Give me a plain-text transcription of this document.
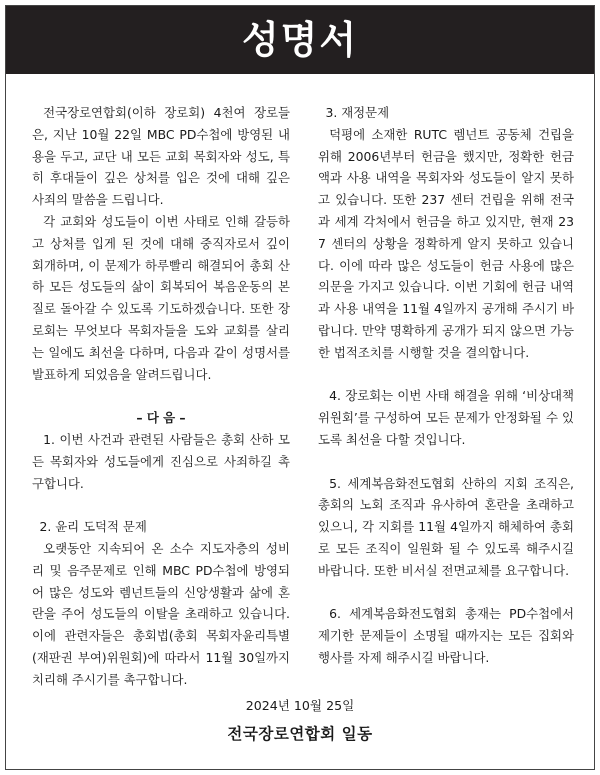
성명서

전국장로연합회(이하 장로회) 4천여 장로들은, 지난 10월 22일 MBC PD수첩에 방영된 내용을 두고, 교단 내 모든 교회 목회자와 성도, 특히 후대들이 깊은 상처를 입은 것에 대해 깊은 사죄의 말씀을 드립니다.

각 교회와 성도들이 이번 사태로 인해 갈등하고 상처를 입게 된 것에 대해 중직자로서 깊이 회개하며, 이 문제가 하루빨리 해결되어 총회 산하 모든 성도들의 삶이 회복되어 복음운동의 본질로 돌아갈 수 있도록 기도하겠습니다. 또한 장로회는 무엇보다 목회자들을 도와 교회를 살리는 일에도 최선을 다하며, 다음과 같이 성명서를 발표하게 되었음을 알려드립니다.

– 다 음 –

1. 이번 사건과 관련된 사람들은 총회 산하 모든 목회자와 성도들에게 진심으로 사죄하길 촉구합니다.

2. 윤리 도덕적 문제

오랫동안 지속되어 온 소수 지도자층의 성비리 및 음주문제로 인해 MBC PD수첩에 방영되어 많은 성도와 렘넌트들의 신앙생활과 삶에 혼란을 주어 성도들의 이탈을 초래하고 있습니다. 이에 관련자들은 총회법(총회 목회자윤리특별(재판권 부여)위원회)에 따라서 11월 30일까지 치리해 주시기를 촉구합니다.

3. 재정문제

덕평에 소재한 RUTC 렘넌트 공동체 건립을 위해 2006년부터 헌금을 했지만, 정확한 헌금액과 사용 내역을 목회자와 성도들이 알지 못하고 있습니다. 또한 237 센터 건립을 위해 전국과 세계 각처에서 헌금을 하고 있지만, 현재 237 센터의 상황을 정확하게 알지 못하고 있습니다. 이에 따라 많은 성도들이 헌금 사용에 많은 의문을 가지고 있습니다. 이번 기회에 헌금 내역과 사용 내역을 11월 4일까지 공개해 주시기 바랍니다. 만약 명확하게 공개가 되지 않으면 가능한 법적조치를 시행할 것을 결의합니다.

4. 장로회는 이번 사태 해결을 위해 ‘비상대책위원회’를 구성하여 모든 문제가 안정화될 수 있도록 최선을 다할 것입니다.

5. 세계복음화전도협회 산하의 지회 조직은, 총회의 노회 조직과 유사하여 혼란을 초래하고 있으니, 각 지회를 11월 4일까지 해체하여 총회로 모든 조직이 일원화 될 수 있도록 해주시길 바랍니다. 또한 비서실 전면교체를 요구합니다.

6. 세계복음화전도협회 총재는 PD수첩에서 제기한 문제들이 소명될 때까지는 모든 집회와 행사를 자제 해주시길 바랍니다.

2024년 10월 25일
전국장로연합회 일동
